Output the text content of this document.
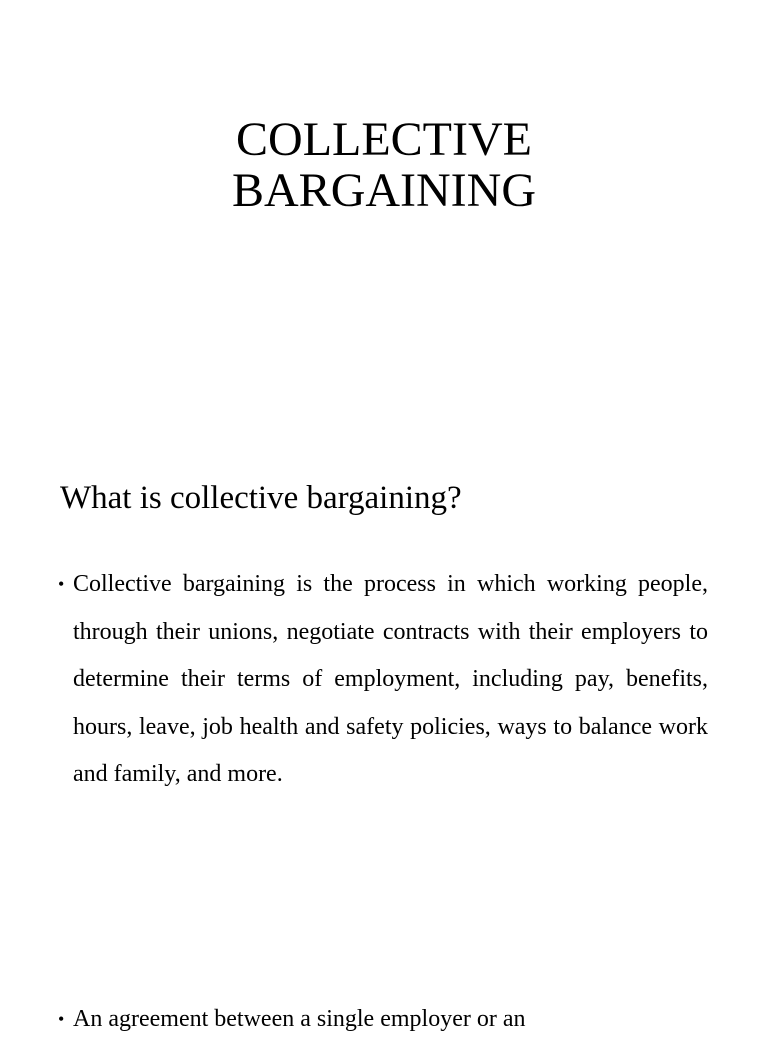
COLLECTIVE
BARGAINING
What is collective bargaining?
• Collective bargaining is the process in which working people, through their unions, negotiate contracts with their employers to determine their terms of employment, including pay, benefits, hours, leave, job health and safety policies, ways to balance work and family, and more.
• An agreement between a single employer or an
